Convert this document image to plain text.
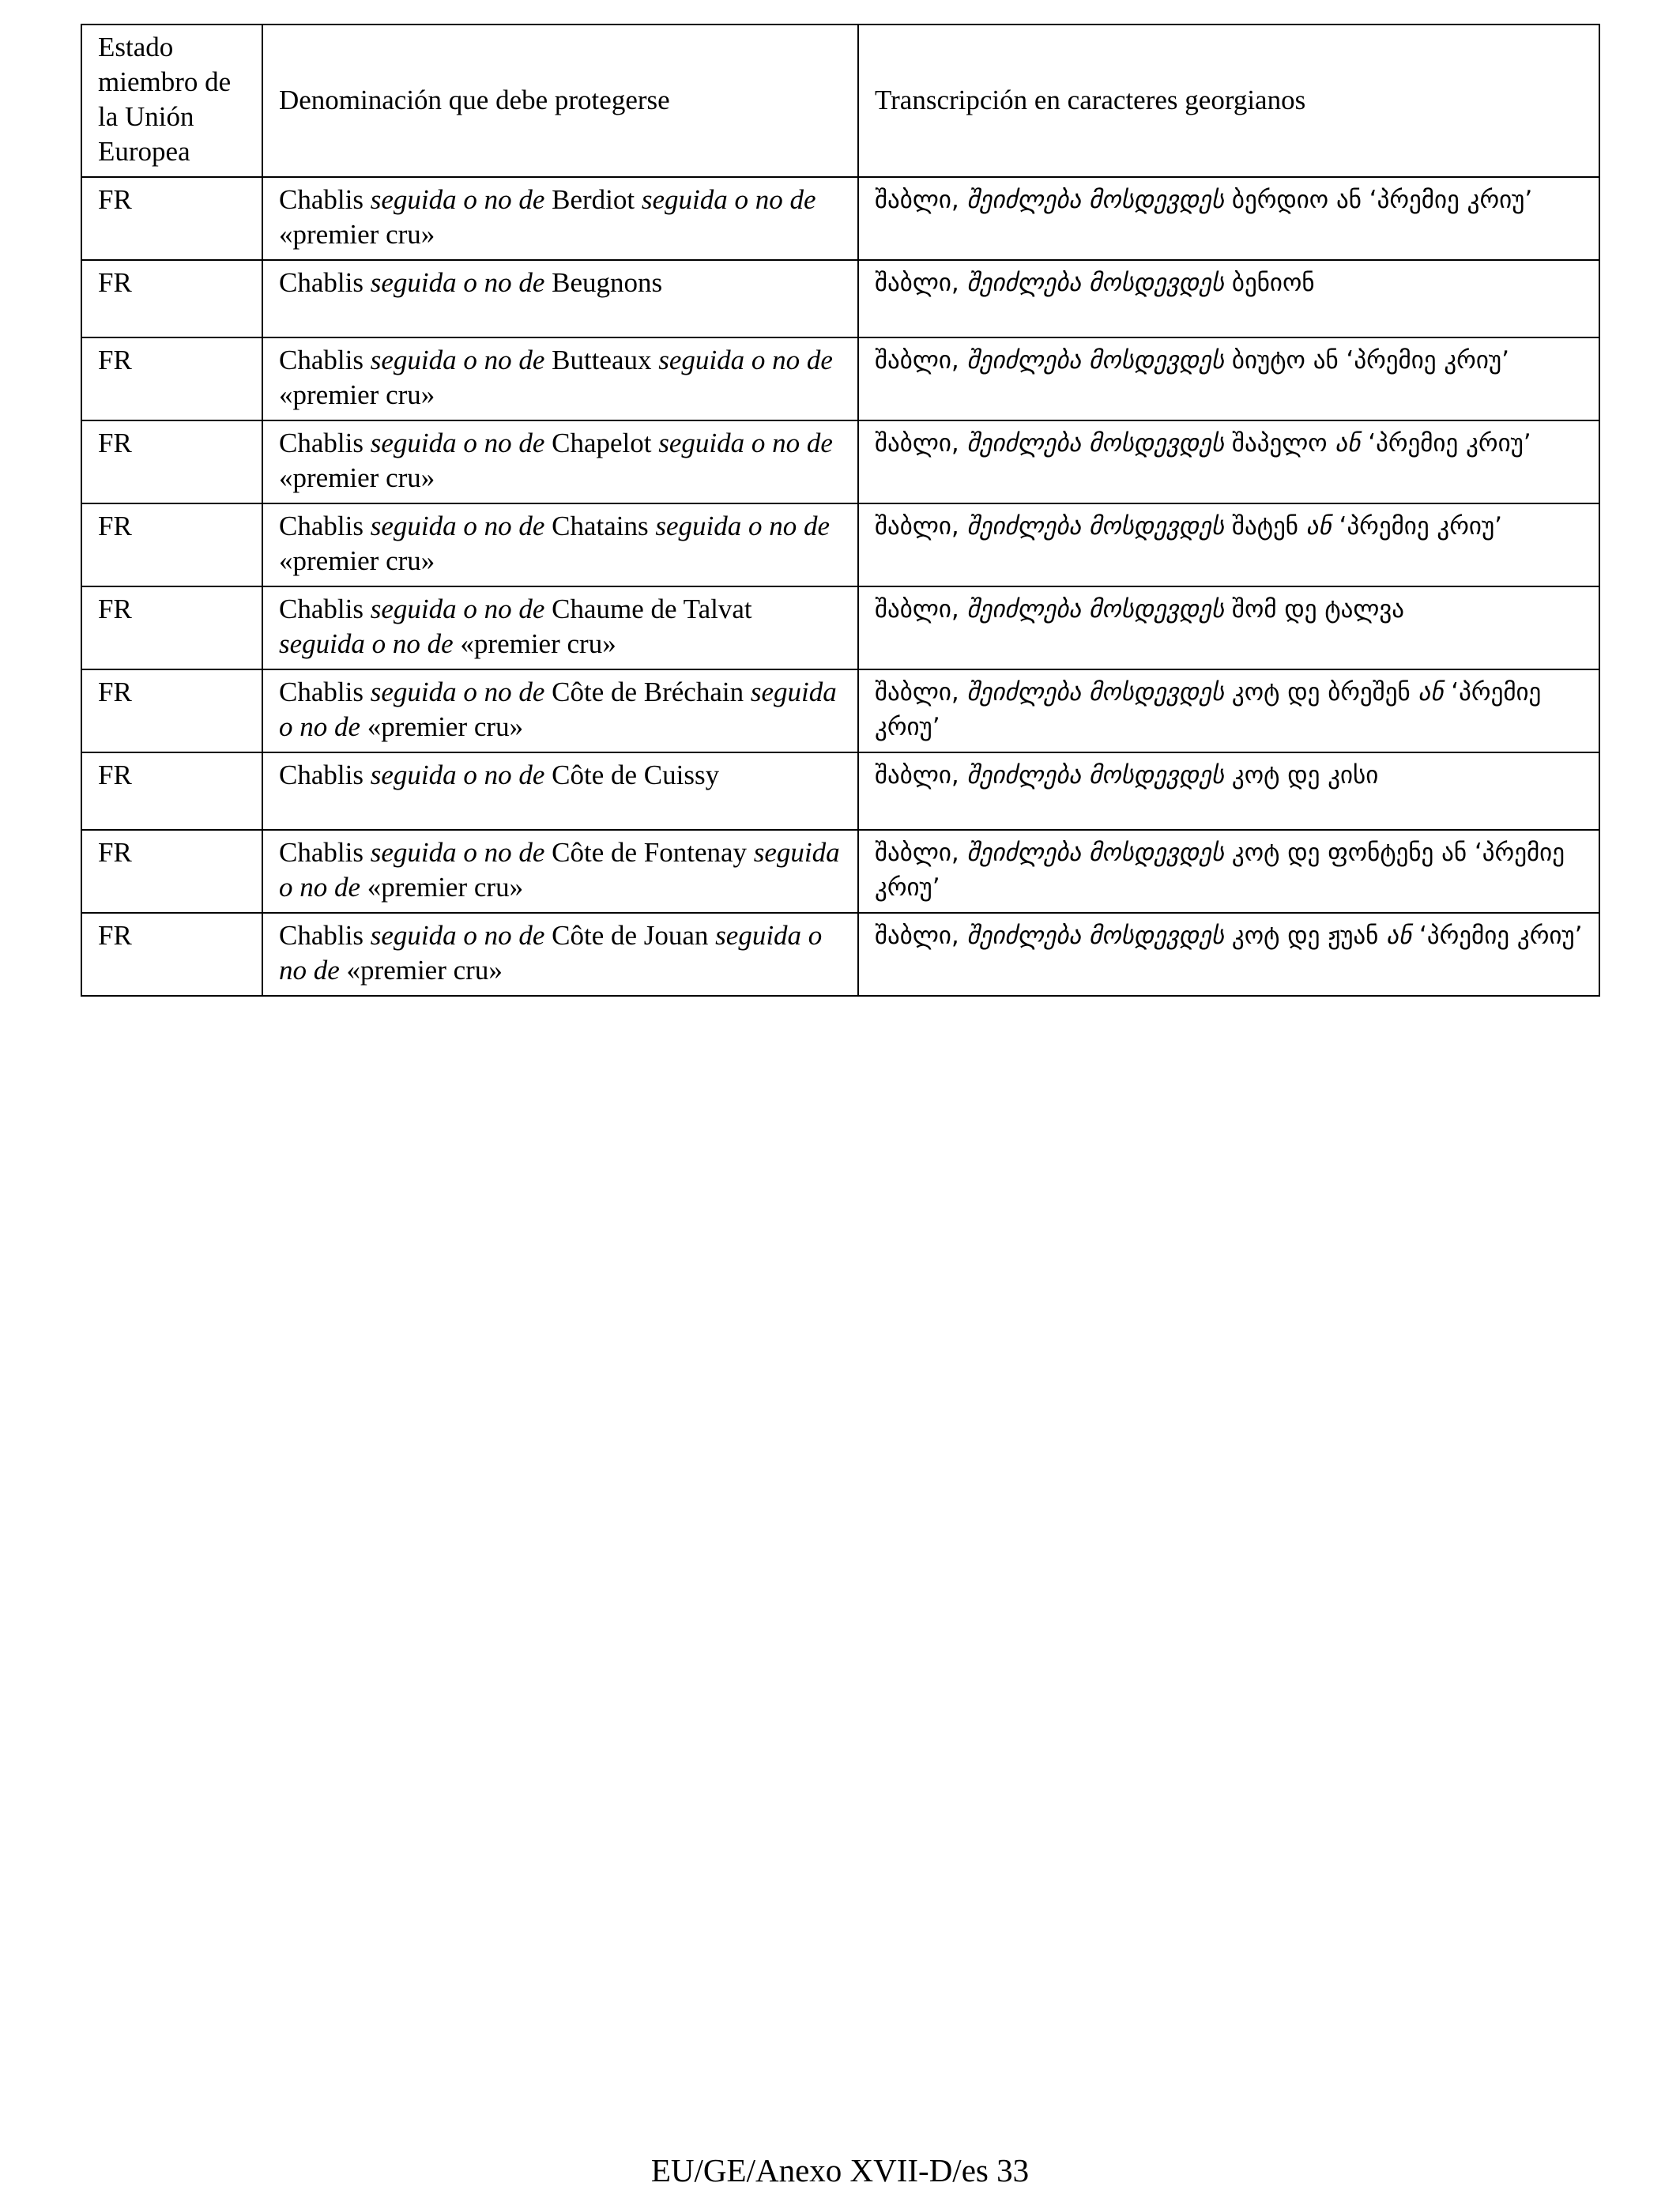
Estado miembro de la Unión Europea	Denominación que debe protegerse	Transcripción en caracteres georgianos
FR	Chablis seguida o no de Berdiot seguida o no de «premier cru»	შაბლი, შეიძლება მოსდევდეს ბერდიო ან ‘პრემიე კრიუ’
FR	Chablis seguida o no de Beugnons	შაბლი, შეიძლება მოსდევდეს ბენიონ
FR	Chablis seguida o no de Butteaux seguida o no de «premier cru»	შაბლი, შეიძლება მოსდევდეს ბიუტო ან ‘პრემიე კრიუ’
FR	Chablis seguida o no de Chapelot seguida o no de «premier cru»	შაბლი, შეიძლება მოსდევდეს შაპელო ან ‘პრემიე კრიუ’
FR	Chablis seguida o no de Chatains seguida o no de «premier cru»	შაბლი, შეიძლება მოსდევდეს შატენ ან ‘პრემიე კრიუ’
FR	Chablis seguida o no de Chaume de Talvat seguida o no de «premier cru»	შაბლი, შეიძლება მოსდევდეს შომ დე ტალვა
FR	Chablis seguida o no de Côte de Bréchain seguida o no de «premier cru»	შაბლი, შეიძლება მოსდევდეს კოტ დე ბრეშენ ან ‘პრემიე კრიუ’
FR	Chablis seguida o no de Côte de Cuissy	შაბლი, შეიძლება მოსდევდეს კოტ დე კისი
FR	Chablis seguida o no de Côte de Fontenay seguida o no de «premier cru»	შაბლი, შეიძლება მოსდევდეს კოტ დე ფონტენე ან ‘პრემიე კრიუ’
FR	Chablis seguida o no de Côte de Jouan seguida o no de «premier cru»	შაბლი, შეიძლება მოსდევდეს კოტ დე ჟუან ან ‘პრემიე კრიუ’
EU/GE/Anexo XVII-D/es 33
